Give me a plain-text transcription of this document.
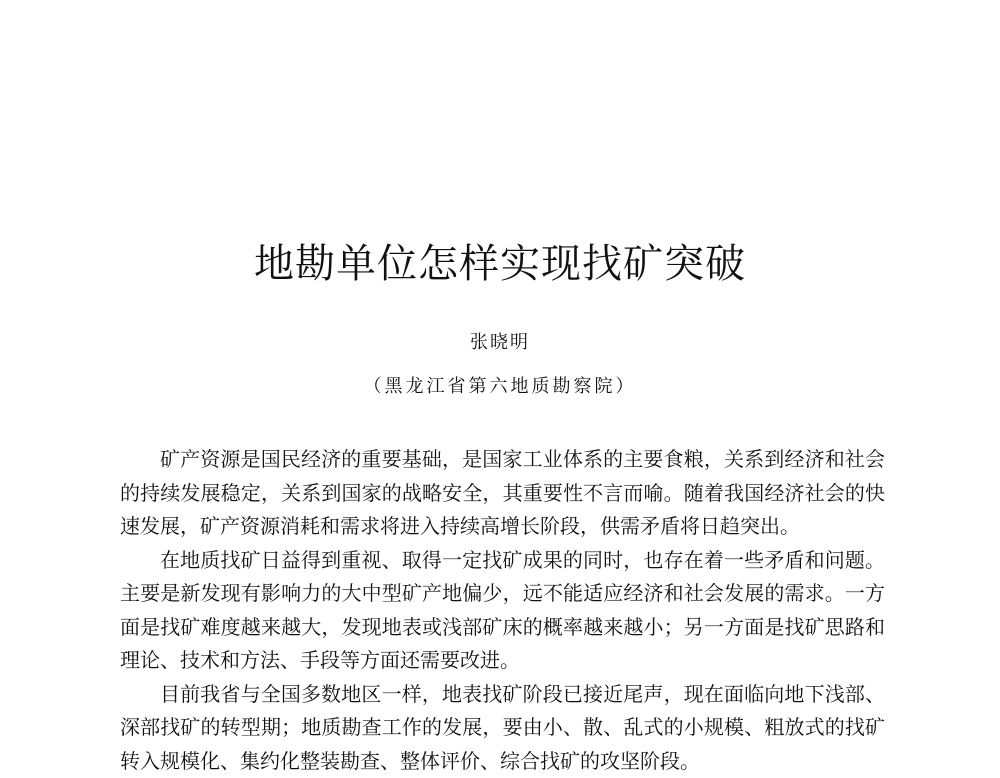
地勘单位怎样实现找矿突破
张晓明
（黑龙江省第六地质勘察院）

矿产资源是国民经济的重要基础，是国家工业体系的主要食粮，关系到经济和社会的持续发展稳定，关系到国家的战略安全，其重要性不言而喻。随着我国经济社会的快速发展，矿产资源消耗和需求将进入持续高增长阶段，供需矛盾将日趋突出。

在地质找矿日益得到重视、取得一定找矿成果的同时，也存在着一些矛盾和问题。主要是新发现有影响力的大中型矿产地偏少，远不能适应经济和社会发展的需求。一方面是找矿难度越来越大，发现地表或浅部矿床的概率越来越小；另一方面是找矿思路和理论、技术和方法、手段等方面还需要改进。

目前我省与全国多数地区一样，地表找矿阶段已接近尾声，现在面临向地下浅部、深部找矿的转型期；地质勘查工作的发展，要由小、散、乱式的小规模、粗放式的找矿转入规模化、集约化整装勘查、整体评价、综合找矿的攻坚阶段。
